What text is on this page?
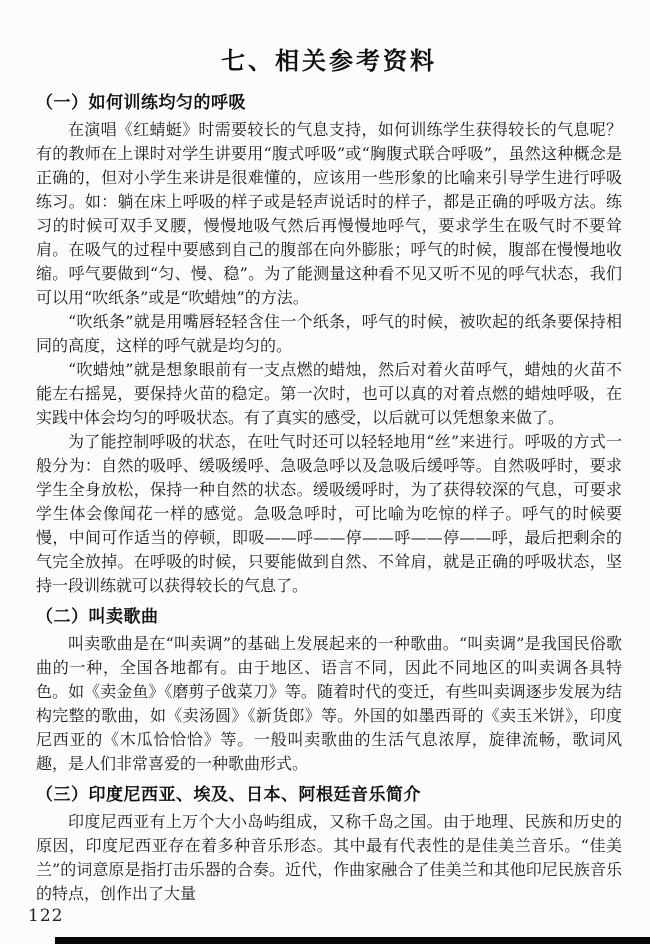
七、相关参考资料
（一）如何训练均匀的呼吸

在演唱《红蜻蜓》时需要较长的气息支持，如何训练学生获得较长的气息呢？有的教师在上课时对学生讲要用“腹式呼吸”或“胸腹式联合呼吸”，虽然这种概念是正确的，但对小学生来讲是很难懂的，应该用一些形象的比喻来引导学生进行呼吸练习。如：躺在床上呼吸的样子或是轻声说话时的样子，都是正确的呼吸方法。练习的时候可双手叉腰，慢慢地吸气然后再慢慢地呼气，要求学生在吸气时不要耸肩。在吸气的过程中要感到自己的腹部在向外膨胀；呼气的时候，腹部在慢慢地收缩。呼气要做到“匀、慢、稳”。为了能测量这种看不见又听不见的呼气状态，我们可以用“吹纸条”或是“吹蜡烛”的方法。

“吹纸条”就是用嘴唇轻轻含住一个纸条，呼气的时候，被吹起的纸条要保持相同的高度，这样的呼气就是均匀的。

“吹蜡烛”就是想象眼前有一支点燃的蜡烛，然后对着火苗呼气，蜡烛的火苗不能左右摇晃，要保持火苗的稳定。第一次时，也可以真的对着点燃的蜡烛呼吸，在实践中体会均匀的呼吸状态。有了真实的感受，以后就可以凭想象来做了。

为了能控制呼吸的状态，在吐气时还可以轻轻地用“丝”来进行。呼吸的方式一般分为：自然的吸呼、缓吸缓呼、急吸急呼以及急吸后缓呼等。自然吸呼时，要求学生全身放松，保持一种自然的状态。缓吸缓呼时，为了获得较深的气息，可要求学生体会像闻花一样的感觉。急吸急呼时，可比喻为吃惊的样子。呼气的时候要慢，中间可作适当的停顿，即吸——呼——停——呼——停——呼，最后把剩余的气完全放掉。在呼吸的时候，只要能做到自然、不耸肩，就是正确的呼吸状态，坚持一段训练就可以获得较长的气息了。

（二）叫卖歌曲

叫卖歌曲是在“叫卖调”的基础上发展起来的一种歌曲。“叫卖调”是我国民俗歌曲的一种，全国各地都有。由于地区、语言不同，因此不同地区的叫卖调各具特色。如《卖金鱼》《磨剪子戗菜刀》等。随着时代的变迁，有些叫卖调逐步发展为结构完整的歌曲，如《卖汤圆》《新货郎》等。外国的如墨西哥的《卖玉米饼》，印度尼西亚的《木瓜恰恰恰》等。一般叫卖歌曲的生活气息浓厚，旋律流畅，歌词风趣，是人们非常喜爱的一种歌曲形式。

（三）印度尼西亚、埃及、日本、阿根廷音乐简介

印度尼西亚有上万个大小岛屿组成，又称千岛之国。由于地理、民族和历史的原因，印度尼西亚存在着多种音乐形态。其中最有代表性的是佳美兰音乐。“佳美兰”的词意原是指打击乐器的合奏。近代，作曲家融合了佳美兰和其他印尼民族音乐的特点，创作出了大量

122
